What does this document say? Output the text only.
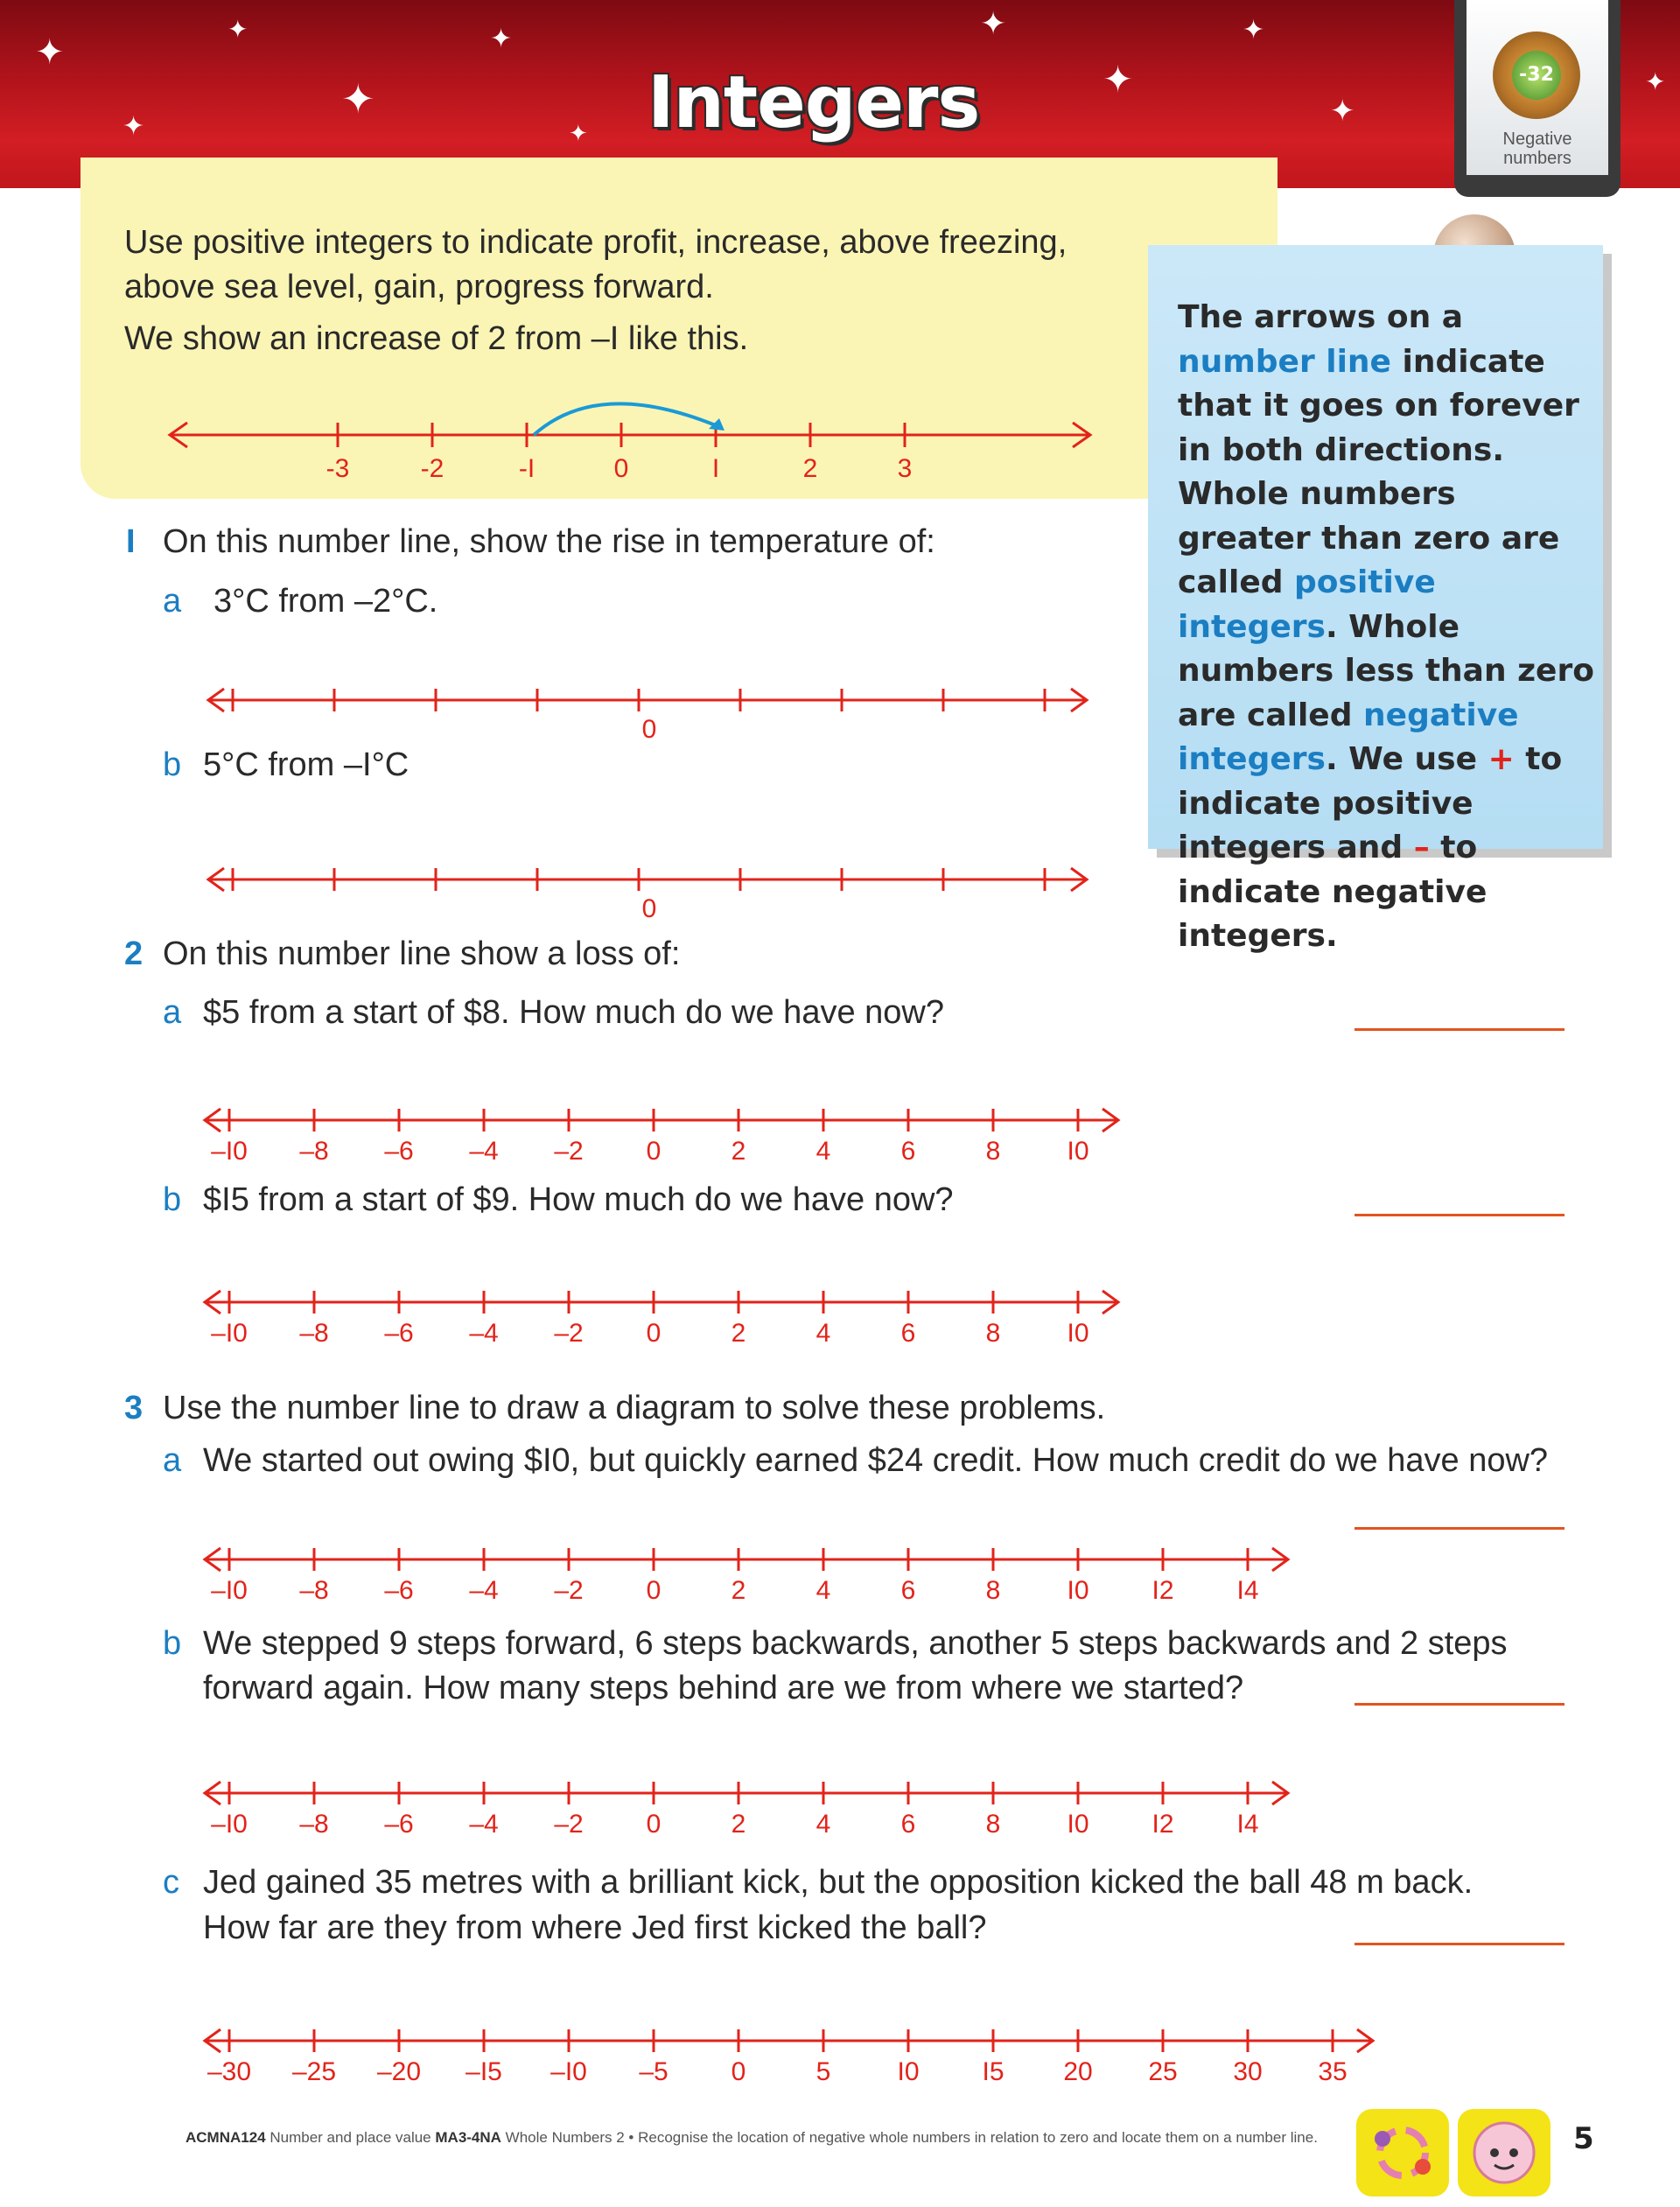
✦
✦
✦
✦
✦
✦
✦
✦
✦
✦
✦
Integers	-32
Negative
numbers
Use positive integers to indicate profit, increase, above freezing,
above sea level, gain, progress forward.
We show an increase of 2 from –I like this.
-3	-2	-I	0	I	2	3
The arrows on a number line indicate that it goes on forever in both directions. Whole numbers greater than zero are called positive integers. Whole numbers less than zero are called negative integers. We use + to indicate positive integers and – to indicate negative integers.
I On this number line, show the rise in temperature of:
a 3°C from –2°C.
0
b 5°C from –I°C
0
2 On this number line show a loss of:
a $5 from a start of $8. How much do we have now?
–I0 –8 –6 –4 –2 0	2	4	6	8	I0
b $I5 from a start of $9. How much do we have now?
–I0 –8 –6 –4 –2 0	2	4	6	8	I0
3 Use the number line to draw a diagram to solve these problems.
a We started out owing $I0, but quickly earned $24 credit. How much credit do we have now?
–I0 –8 –6 –4 –2 0	2	4	6	8	I0 I2 I4
b We stepped 9 steps forward, 6 steps backwards, another 5 steps backwards and 2 steps
forward again. How many steps behind are we from where we started?
–I0 –8 –6 –4 –2 0	2	4	6	8	I0 I2 I4
c Jed gained 35 metres with a brilliant kick, but the opposition kicked the ball 48 m back.
How far are they from where Jed first kicked the ball?
–30 –25 –20 –I5 –I0 –5 0	5	I0 I5 20 25 30 35
ACMNA124 Number and place value MA3-4NA Whole Numbers 2 • Recognise the location of negative whole numbers in relation to zero and locate them on a number line.	5
